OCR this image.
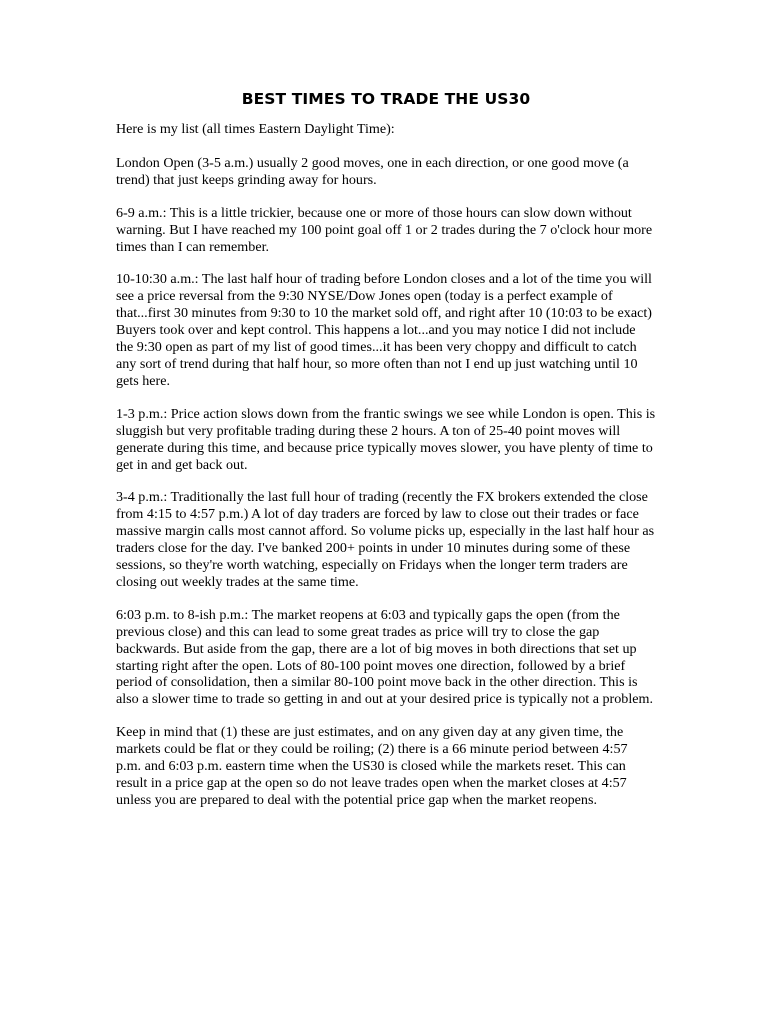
BEST TIMES TO TRADE THE US30

Here is my list (all times Eastern Daylight Time):

London Open (3-5 a.m.) usually 2 good moves, one in each direction, or one good move (a trend) that just keeps grinding away for hours.

6-9 a.m.: This is a little trickier, because one or more of those hours can slow down without warning. But I have reached my 100 point goal off 1 or 2 trades during the 7 o'clock hour more times than I can remember.

10-10:30 a.m.: The last half hour of trading before London closes and a lot of the time you will see a price reversal from the 9:30 NYSE/Dow Jones open (today is a perfect example of that...first 30 minutes from 9:30 to 10 the market sold off, and right after 10 (10:03 to be exact) Buyers took over and kept control. This happens a lot...and you may notice I did not include the 9:30 open as part of my list of good times...it has been very choppy and difficult to catch any sort of trend during that half hour, so more often than not I end up just watching until 10 gets here.

1-3 p.m.: Price action slows down from the frantic swings we see while London is open. This is sluggish but very profitable trading during these 2 hours. A ton of 25-40 point moves will generate during this time, and because price typically moves slower, you have plenty of time to get in and get back out.

3-4 p.m.: Traditionally the last full hour of trading (recently the FX brokers extended the close from 4:15 to 4:57 p.m.) A lot of day traders are forced by law to close out their trades or face massive margin calls most cannot afford. So volume picks up, especially in the last half hour as traders close for the day. I've banked 200+ points in under 10 minutes during some of these sessions, so they're worth watching, especially on Fridays when the longer term traders are closing out weekly trades at the same time.

6:03 p.m. to 8-ish p.m.: The market reopens at 6:03 and typically gaps the open (from the previous close) and this can lead to some great trades as price will try to close the gap backwards. But aside from the gap, there are a lot of big moves in both directions that set up starting right after the open. Lots of 80-100 point moves one direction, followed by a brief period of consolidation, then a similar 80-100 point move back in the other direction. This is also a slower time to trade so getting in and out at your desired price is typically not a problem.

Keep in mind that (1) these are just estimates, and on any given day at any given time, the markets could be flat or they could be roiling; (2) there is a 66 minute period between 4:57 p.m. and 6:03 p.m. eastern time when the US30 is closed while the markets reset. This can result in a price gap at the open so do not leave trades open when the market closes at 4:57 unless you are prepared to deal with the potential price gap when the market reopens.
